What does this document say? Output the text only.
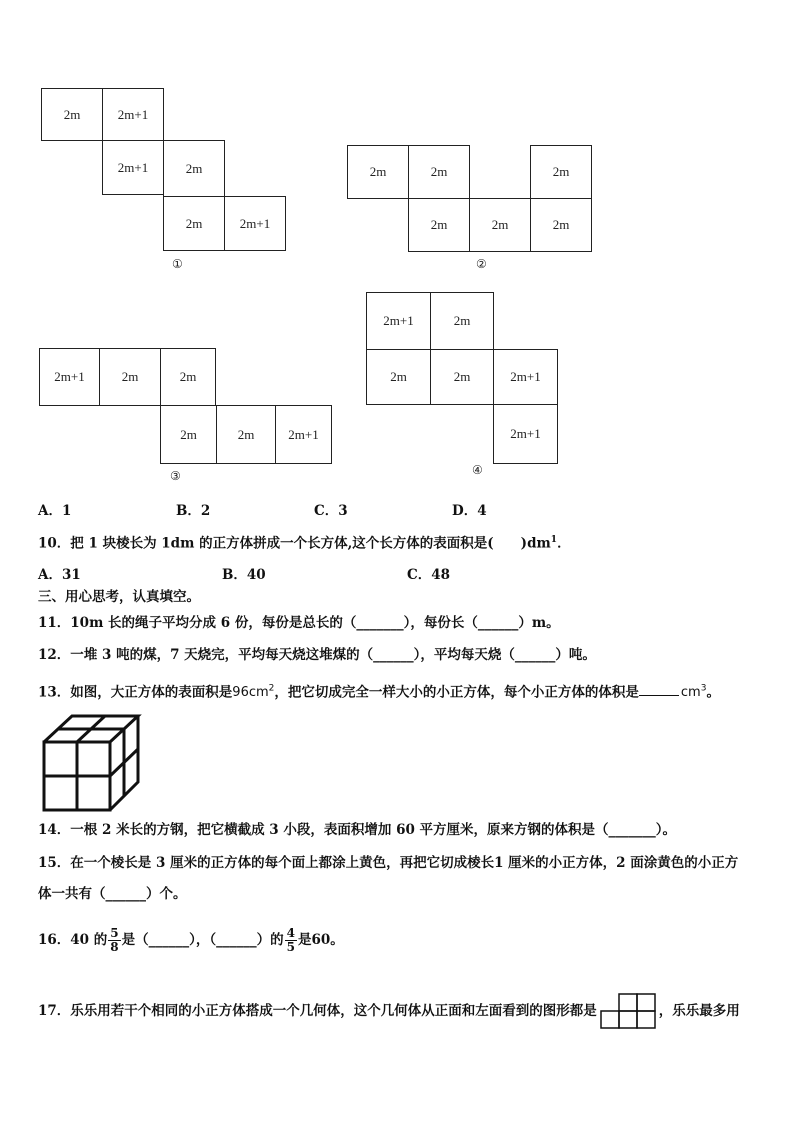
2m	2m+1
2m+1	2m
2m	2m+1
①
2m	2m	2m
2m	2m	2m
②
2m+1	2m	2m
2m	2m	2m+1
③
2m+1	2m
2m	2m	2m+1
2m+1
④
A．1	B．2	C．3	D．4
10．把 1 块棱长为 1dm 的正方体拼成一个长方体,这个长方体的表面积是(　　)$dm^1$．
A．31	B．40	C．48
三、用心思考，认真填空。
11．10m 长的绳子平均分成 6 份，每份是总长的（_______），每份长（______）m。
12．一堆 3 吨的煤，7 天烧完，平均每天烧这堆煤的（______），平均每天烧（______）吨。
13．如图，大正方体的表面积是$96cm^2$，把它切成完全一样大小的小正方体，每个小正方体的体积是	$cm^3$。
14．一根 2 米长的方钢，把它横截成 3 小段，表面积增加 60 平方厘米，原来方钢的体积是（_______）。
15．在一个棱长是 3 厘米的正方体的每个面上都涂上黄色，再把它切成棱长1 厘米的小正方体，2 面涂黄色的小正方
体一共有（______）个。
16．40 的 $\frac{5}{8}$ 是（______），（______）的 $\frac{4}{5}$ 是60。
17．乐乐用若干个相同的小正方体搭成一个几何体，这个几何体从正面和左面看到的图形都是	，乐乐最多用
